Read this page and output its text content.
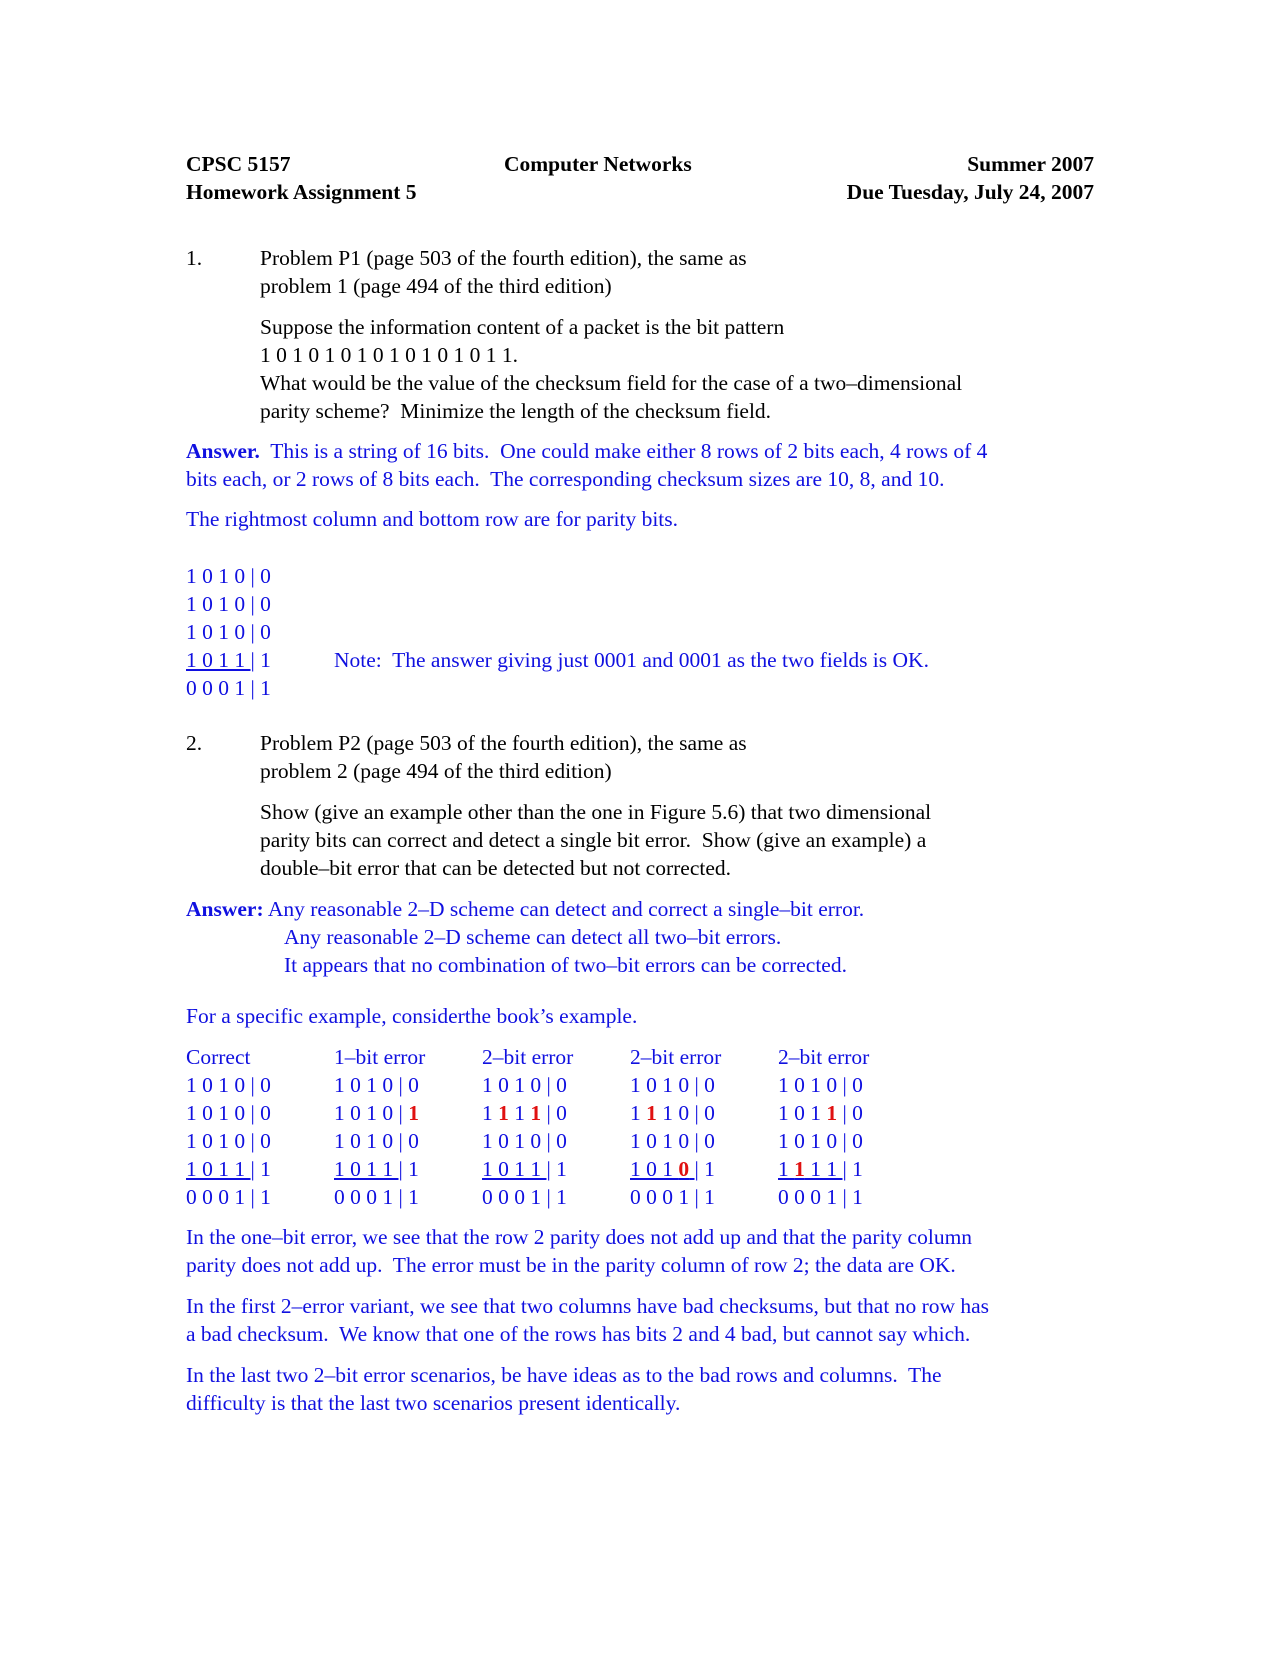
CPSC 5157	Computer Networks	Summer 2007
Homework Assignment 5	Due Tuesday, July 24, 2007
1.	Problem P1 (page 503 of the fourth edition), the same as
problem 1 (page 494 of the third edition)
Suppose the information content of a packet is the bit pattern
1 0 1 0 1 0 1 0 1 0 1 0 1 0 1 1.
What would be the value of the checksum field for the case of a two–dimensional
parity scheme?  Minimize the length of the checksum field.
Answer.  This is a string of 16 bits.  One could make either 8 rows of 2 bits each, 4 rows of 4
bits each, or 2 rows of 8 bits each.  The corresponding checksum sizes are 10, 8, and 10.
The rightmost column and bottom row are for parity bits.
1 0 1 0 | 0
1 0 1 0 | 0
1 0 1 0 | 0
1 0 1 1 | 1
0 0 0 1 | 1
Note:  The answer giving just 0001 and 0001 as the two fields is OK.
2.	Problem P2 (page 503 of the fourth edition), the same as
problem 2 (page 494 of the third edition)
Show (give an example other than the one in Figure 5.6) that two dimensional
parity bits can correct and detect a single bit error.  Show (give an example) a
double–bit error that can be detected but not corrected.
Answer: Any reasonable 2–D scheme can detect and correct a single–bit error.
Any reasonable 2–D scheme can detect all two–bit errors.
It appears that no combination of two–bit errors can be corrected.
For a specific example, considerthe book’s example.
Correct	1–bit error	2–bit error	2–bit error	2–bit error
1 0 1 0 | 0	1 0 1 0 | 0	1 0 1 0 | 0	1 0 1 0 | 0	1 0 1 0 | 0
1 0 1 0 | 0	1 0 1 0 | 1	1 1 1 1 | 0	1 1 1 0 | 0	1 0 1 1 | 0
1 0 1 0 | 0	1 0 1 0 | 0	1 0 1 0 | 0	1 0 1 0 | 0	1 0 1 0 | 0
1 0 1 1 | 1	1 0 1 1 | 1	1 0 1 1 | 1	1 0 1 0 | 1	1 1 1 1 | 1
0 0 0 1 | 1	0 0 0 1 | 1	0 0 0 1 | 1	0 0 0 1 | 1	0 0 0 1 | 1
In the one–bit error, we see that the row 2 parity does not add up and that the parity column
parity does not add up.  The error must be in the parity column of row 2; the data are OK.
In the first 2–error variant, we see that two columns have bad checksums, but that no row has
a bad checksum.  We know that one of the rows has bits 2 and 4 bad, but cannot say which.
In the last two 2–bit error scenarios, be have ideas as to the bad rows and columns.  The
difficulty is that the last two scenarios present identically.
